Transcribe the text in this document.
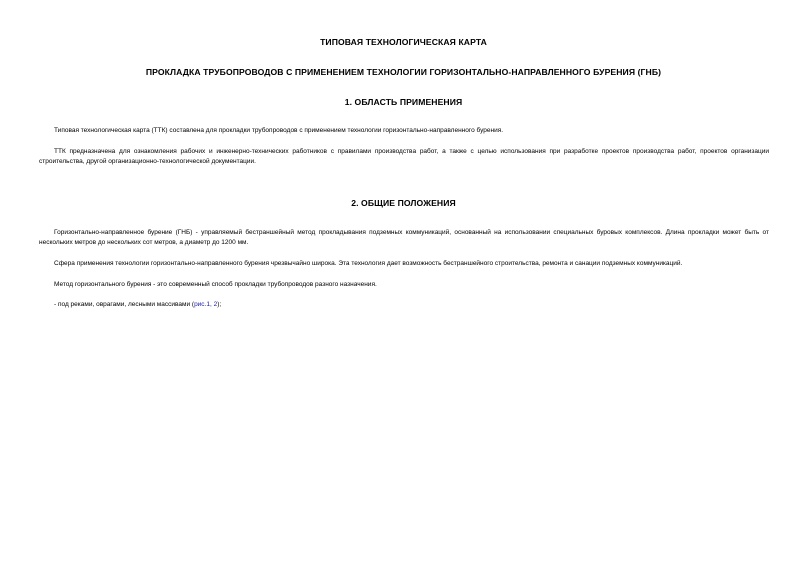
ТИПОВАЯ ТЕХНОЛОГИЧЕСКАЯ КАРТА
ПРОКЛАДКА ТРУБОПРОВОДОВ С ПРИМЕНЕНИЕМ ТЕХНОЛОГИИ ГОРИЗОНТАЛЬНО-НАПРАВЛЕННОГО БУРЕНИЯ (ГНБ)
1. ОБЛАСТЬ ПРИМЕНЕНИЯ

Типовая технологическая карта (ТТК) составлена для прокладки трубопроводов с применением технологии горизонтально-направленного бурения.

ТТК предназначена для ознакомления рабочих и инженерно-технических работников с правилами производства работ, а также с целью использования при разработке проектов производства работ, проектов организации строительства, другой организационно-технологической документации.

2. ОБЩИЕ ПОЛОЖЕНИЯ

Горизонтально-направленное бурение (ГНБ) - управляемый бестраншейный метод прокладывания подземных коммуникаций, основанный на использовании специальных буровых комплексов. Длина прокладки может быть от нескольких метров до нескольких сот метров, а диаметр до 1200 мм.

Сфера применения технологии горизонтально-направленного бурения чрезвычайно широка. Эта технология дает возможность бестраншейного строительства, ремонта и санации подземных коммуникаций.

Метод горизонтального бурения - это современный способ прокладки трубопроводов разного назначения.

- под реками, оврагами, лесными массивами (рис.1, 2);
